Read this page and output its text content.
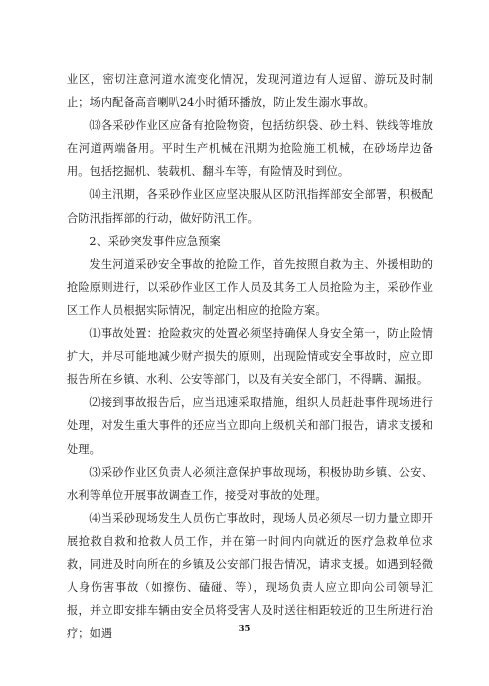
业区，密切注意河道水流变化情况，发现河道边有人逗留、游玩及时制止；场内配备高音喇叭24小时循环播放，防止发生溺水事故。

⒀各采砂作业区应备有抢险物资，包括纺织袋、砂土料、铁线等堆放在河道两端备用。平时生产机械在汛期为抢险施工机械，在砂场岸边备用。包括挖掘机、装载机、翻斗车等，有险情及时到位。

⒁主汛期，各采砂作业区应坚决服从区防汛指挥部安全部署，积极配合防汛指挥部的行动，做好防汛工作。

2、采砂突发事件应急预案

发生河道采砂安全事故的抢险工作，首先按照自救为主、外援相助的抢险原则进行，以采砂作业区工作人员及其务工人员抢险为主，采砂作业区工作人员根据实际情况，制定出相应的抢险方案。

⑴事故处置：抢险救灾的处置必须坚持确保人身安全第一，防止险情扩大，并尽可能地减少财产损失的原则，出现险情或安全事故时，应立即报告所在乡镇、水利、公安等部门，以及有关安全部门，不得瞒、漏报。

⑵接到事故报告后，应当迅速采取措施，组织人员赶赴事件现场进行处理，对发生重大事件的还应当立即向上级机关和部门报告，请求支援和处理。

⑶采砂作业区负责人必须注意保护事故现场，积极协助乡镇、公安、水利等单位开展事故调查工作，接受对事故的处理。

⑷当采砂现场发生人员伤亡事故时，现场人员必须尽一切力量立即开展抢救自救和抢救人员工作，并在第一时间内向就近的医疗急救单位求救，同进及时向所在的乡镇及公安部门报告情况，请求支援。如遇到轻微人身伤害事故（如擦伤、磕碰、等），现场负责人应立即向公司领导汇报，并立即安排车辆由安全员将受害人及时送往相距较近的卫生所进行治疗；如遇	35
